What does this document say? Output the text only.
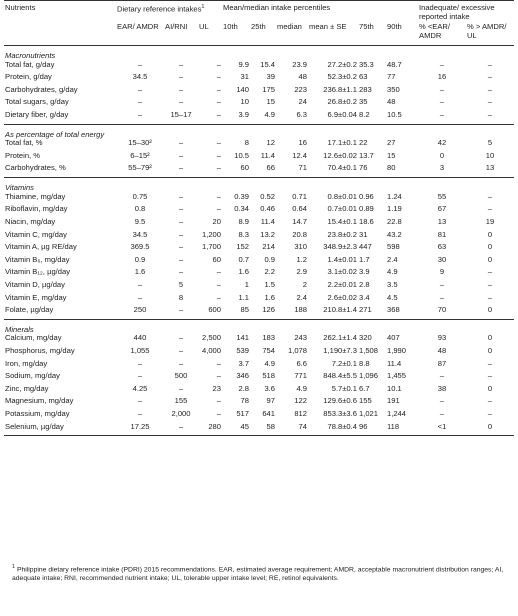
Nutrients	Dietary reference intakes$^1$			Mean/median intake percentiles						Inadequate/ excessive reported intake	
	EAR/ AMDR	AI/RNI	UL	10th	25th	median	mean ± SE	75th	90th	% <EAR/ AMDR	% > AMDR/ UL
Macronutrients											
Total fat, g/day	–	–	–	9.9	15.4	23.9	27.2±0.2	35.3	48.7	–	–
Protein, g/day	34.5	–	–	31	39	48	52.3±0.2	63	77	16	–
Carbohydrates, g/day	–	–	–	140	175	223	236.8±1.1	283	350	–	–
Total sugars, g/day	–	–	–	10	15	24	26.8±0.2	35	48	–	–
Dietary fiber, g/day	–	15–17	–	3.9	4.9	6.3	6.9±0.04	8.2	10.5	–	–
As percentage of total energy											
Total fat, %	15–30²	–	–	8	12	16	17.1±0.1	22	27	42	5
Protein, %	6–15²	–	–	10.5	11.4	12.4	12.6±0.02	13.7	15	0	10
Carbohydrates, %	55–79²	–	–	60	66	71	70.4±0.1	76	80	3	13
Vitamins											
Thiamine, mg/day	0.75	–	–	0.39	0.52	0.71	0.8±0.01	0.96	1.24	55	–
Riboflavin, mg/day	0.8	–	–	0.34	0.46	0.64	0.7±0.01	0.89	1.19	67	–
Niacin, mg/day	9.5	–	20	8.9	11.4	14.7	15.4±0.1	18.6	22.8	13	19
Vitamin C, mg/day	34.5	–	1,200	8.3	13.2	20.8	23.8±0.2	31	43.2	81	0
Vitamin A, µg RE/day	369.5	–	1,700	152	214	310	348.9±2.3	447	598	63	0
Vitamin B₆, mg/day	0.9	–	60	0.7	0.9	1.2	1.4±0.01	1.7	2.4	30	0
Vitamin B₁₂, µg/day	1.6	–	–	1.6	2.2	2.9	3.1±0.02	3.9	4.9	9	–
Vitamin D, µg/day	–	5	–	1	1.5	2	2.2±0.01	2.8	3.5	–	–
Vitamin E, mg/day	–	8	–	1.1	1.6	2.4	2.6±0.02	3.4	4.5	–	–
Folate, µg/day	250	–	600	85	126	188	210.8±1.4	271	368	70	0
Minerals											
Calcium, mg/day	440	–	2,500	141	183	243	262.1±1.4	320	407	93	0
Phosphorus, mg/day	1,055	–	4,000	539	754	1,078	1,190±7.3	1,508	1,990	48	0
Iron, mg/day	–	–	–	3.7	4.9	6.6	7.2±0.1	8.8	11.4	87	–
Sodium, mg/day	–	500	–	346	518	771	848.4±5.5	1,096	1,455	–	–
Zinc, mg/day	4.25	–	23	2.8	3.6	4.9	5.7±0.1	6.7	10.1	38	0
Magnesium, mg/day	–	155	–	78	97	122	129.6±0.6	155	191	–	–
Potassium, mg/day	–	2,000	–	517	641	812	853.3±3.6	1,021	1,244	–	–
Selenium, µg/day	17.25	–	280	45	58	74	78.8±0.4	96	118	<1	0
$^1$ Philippine dietary reference intake (PDRI) 2015 recommendations. EAR, estimated average requirement; AMDR, acceptable macronutrient distribution ranges; AI, adequate intake; RNI, recommended nutrient intake; UL, tolerable upper intake level; RE, retinol equivalents.
